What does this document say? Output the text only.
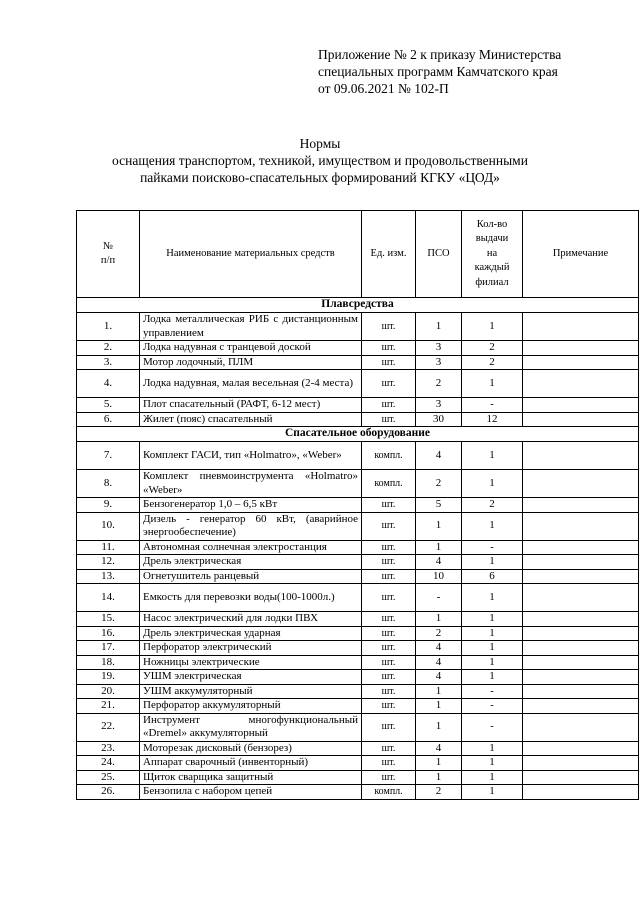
Приложение № 2 к приказу Министерства
специальных программ Камчатского края
от 09.06.2021 № 102-П
Нормы
оснащения транспортом, техникой, имуществом и продовольственными
пайками поисково-спасательных формирований КГКУ «ЦОД»
№
п/п	Наименование материальных средств	Ед. изм.	ПСО	Кол-во
выдачи
на
каждый
филиал	Примечание
Плавсредства					
1.	Лодка металлическая РИБ с дистанционным управлением	шт.	1	1	
2.	Лодка надувная с транцевой доской	шт.	3	2	
3.	Мотор лодочный, ПЛМ	шт.	3	2	
4.	Лодка надувная, малая весельная (2-4 места)	шт.	2	1	
5.	Плот спасательный (РАФТ, 6-12 мест)	шт.	3	-	
6.	Жилет (пояс) спасательный	шт.	30	12	
Спасательное оборудование					
7.	Комплект ГАСИ, тип «Holmatro», «Weber»	компл.	4	1	
8.	Комплект пневмоинструмента «Holmatro» «Weber»	компл.	2	1	
9.	Бензогенератор 1,0 – 6,5 кВт	шт.	5	2	
10.	Дизель - генератор 60 кВт, (аварийное энергообеспечение)	шт.	1	1	
11.	Автономная солнечная электростанция	шт.	1	-	
12.	Дрель электрическая	шт.	4	1	
13.	Огнетушитель ранцевый	шт.	10	6	
14.	Емкость для перевозки воды(100-1000л.)	шт.	-	1	
15.	Насос электрический для лодки ПВХ	шт.	1	1	
16.	Дрель электрическая ударная	шт.	2	1	
17.	Перфоратор электрический	шт.	4	1	
18.	Ножницы электрические	шт.	4	1	
19.	УШМ электрическая	шт.	4	1	
20.	УШМ аккумуляторный	шт.	1	-	
21.	Перфоратор аккумуляторный	шт.	1	-	
22.	Инструмент многофункциональный «Dremel» аккумуляторный	шт.	1	-	
23.	Моторезак дисковый (бензорез)	шт.	4	1	
24.	Аппарат сварочный (инвенторный)	шт.	1	1	
25.	Щиток сварщика защитный	шт.	1	1	
26.	Бензопила с набором цепей	компл.	2	1	
